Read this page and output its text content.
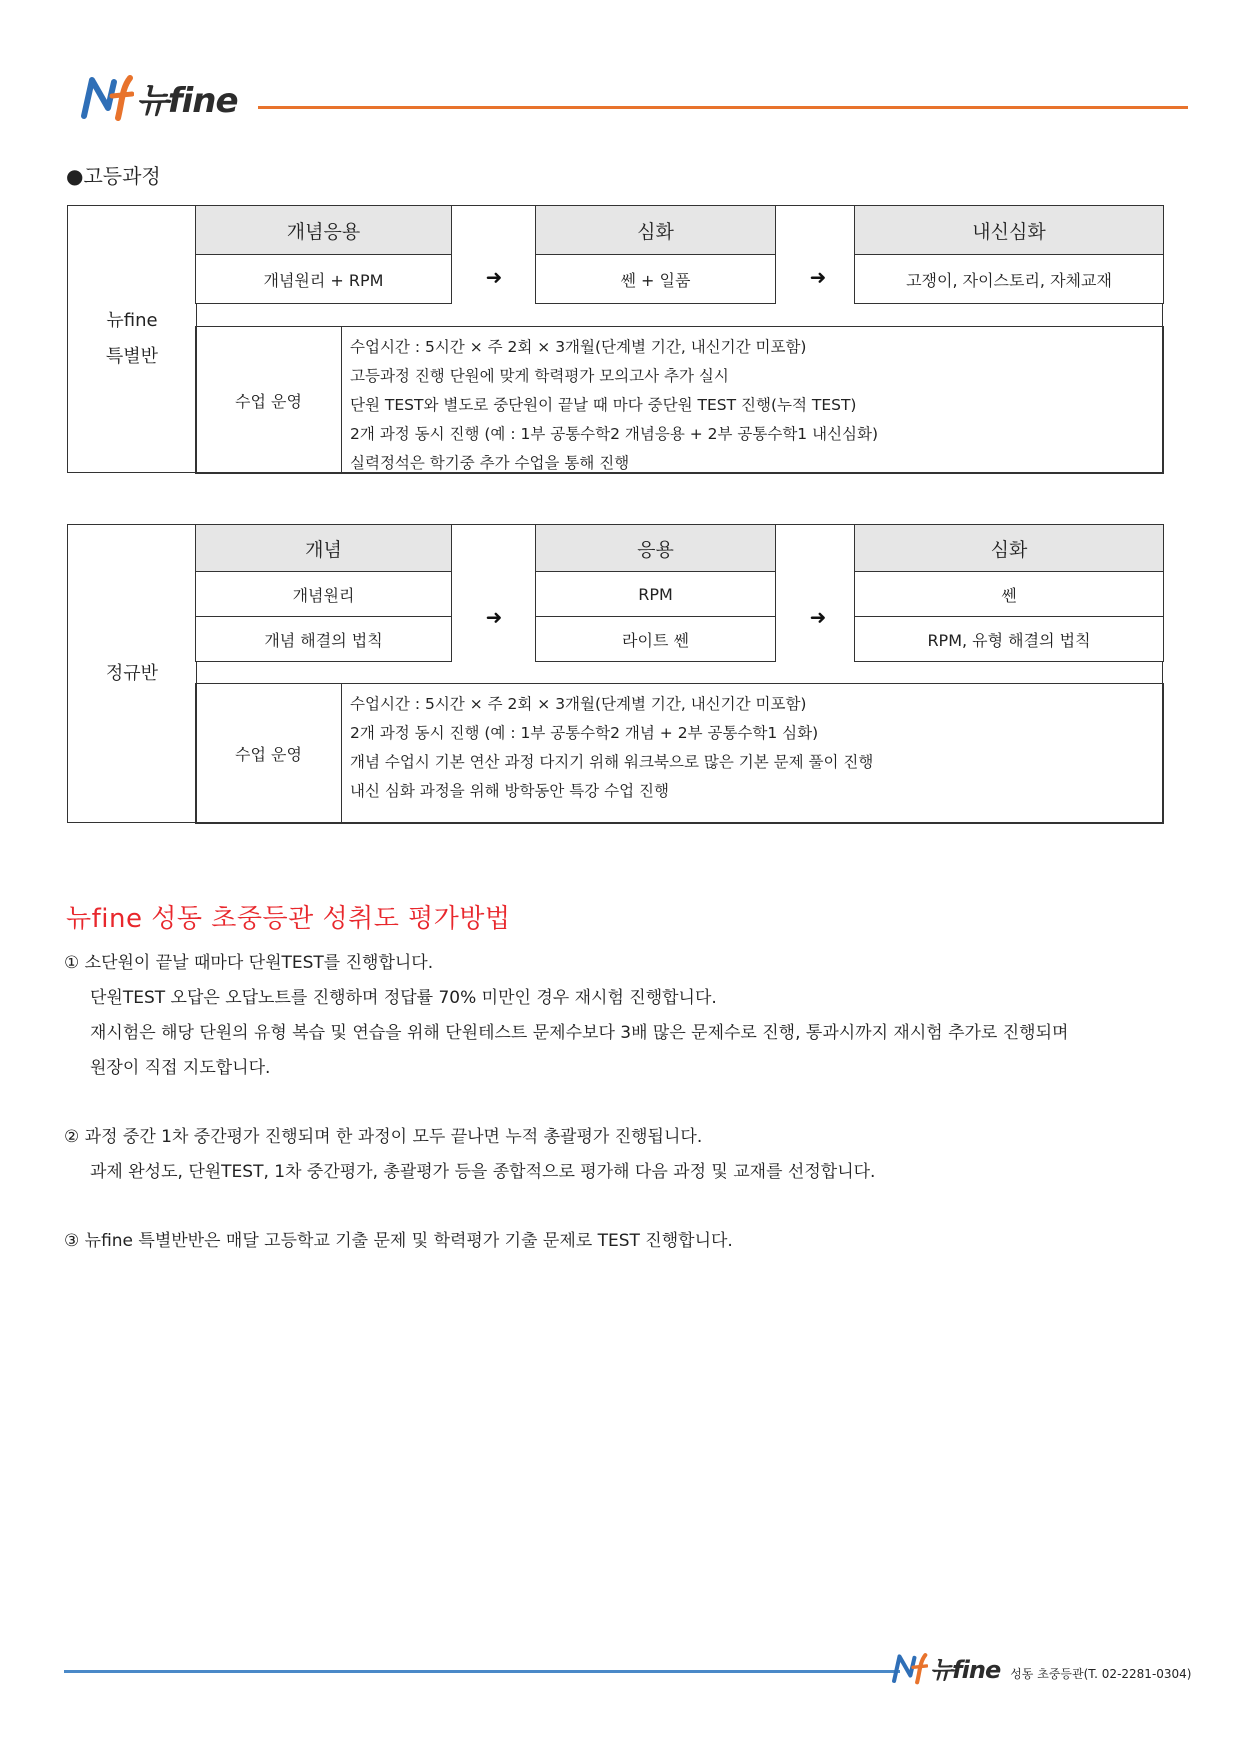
뉴fine
●고등과정
뉴fine
특별반
개념응용
개념원리 + RPM	➜
심화
쎈 + 일품	➜
내신심화
고쟁이, 자이스토리, 자체교재
수업 운영
수업시간 : 5시간 × 주 2회 × 3개월(단계별 기간, 내신기간 미포함)
고등과정 진행 단원에 맞게 학력평가 모의고사 추가 실시
단원 TEST와 별도로 중단원이 끝날 때 마다 중단원 TEST 진행(누적 TEST)
2개 과정 동시 진행 (예 : 1부 공통수학2 개념응용 + 2부 공통수학1 내신심화)
실력정석은 학기중 추가 수업을 통해 진행
정규반
개념
개념원리
개념 해결의 법칙
➜
응용
RPM
라이트 쎈
➜
심화
쎈
RPM, 유형 해결의 법칙
수업 운영
수업시간 : 5시간 × 주 2회 × 3개월(단계별 기간, 내신기간 미포함)
2개 과정 동시 진행 (예 : 1부 공통수학2 개념 + 2부 공통수학1 심화)
개념 수업시 기본 연산 과정 다지기 위해 워크북으로 많은 기본 문제 풀이 진행
내신 심화 과정을 위해 방학동안 특강 수업 진행
뉴fine 성동 초중등관 성취도 평가방법
① 소단원이 끝날 때마다 단원TEST를 진행합니다.
단원TEST 오답은 오답노트를 진행하며 정답률 70% 미만인 경우 재시험 진행합니다.
재시험은 해당 단원의 유형 복습 및 연습을 위해 단원테스트 문제수보다 3배 많은 문제수로 진행, 통과시까지 재시험 추가로 진행되며
원장이 직접 지도합니다.
② 과정 중간 1차 중간평가 진행되며 한 과정이 모두 끝나면 누적 총괄평가 진행됩니다.
과제 완성도, 단원TEST, 1차 중간평가, 총괄평가 등을 종합적으로 평가해 다음 과정 및 교재를 선정합니다.
③ 뉴fine 특별반반은 매달 고등학교 기출 문제 및 학력평가 기출 문제로 TEST 진행합니다.
뉴fine 성동 초중등관(T. 02-2281-0304)
